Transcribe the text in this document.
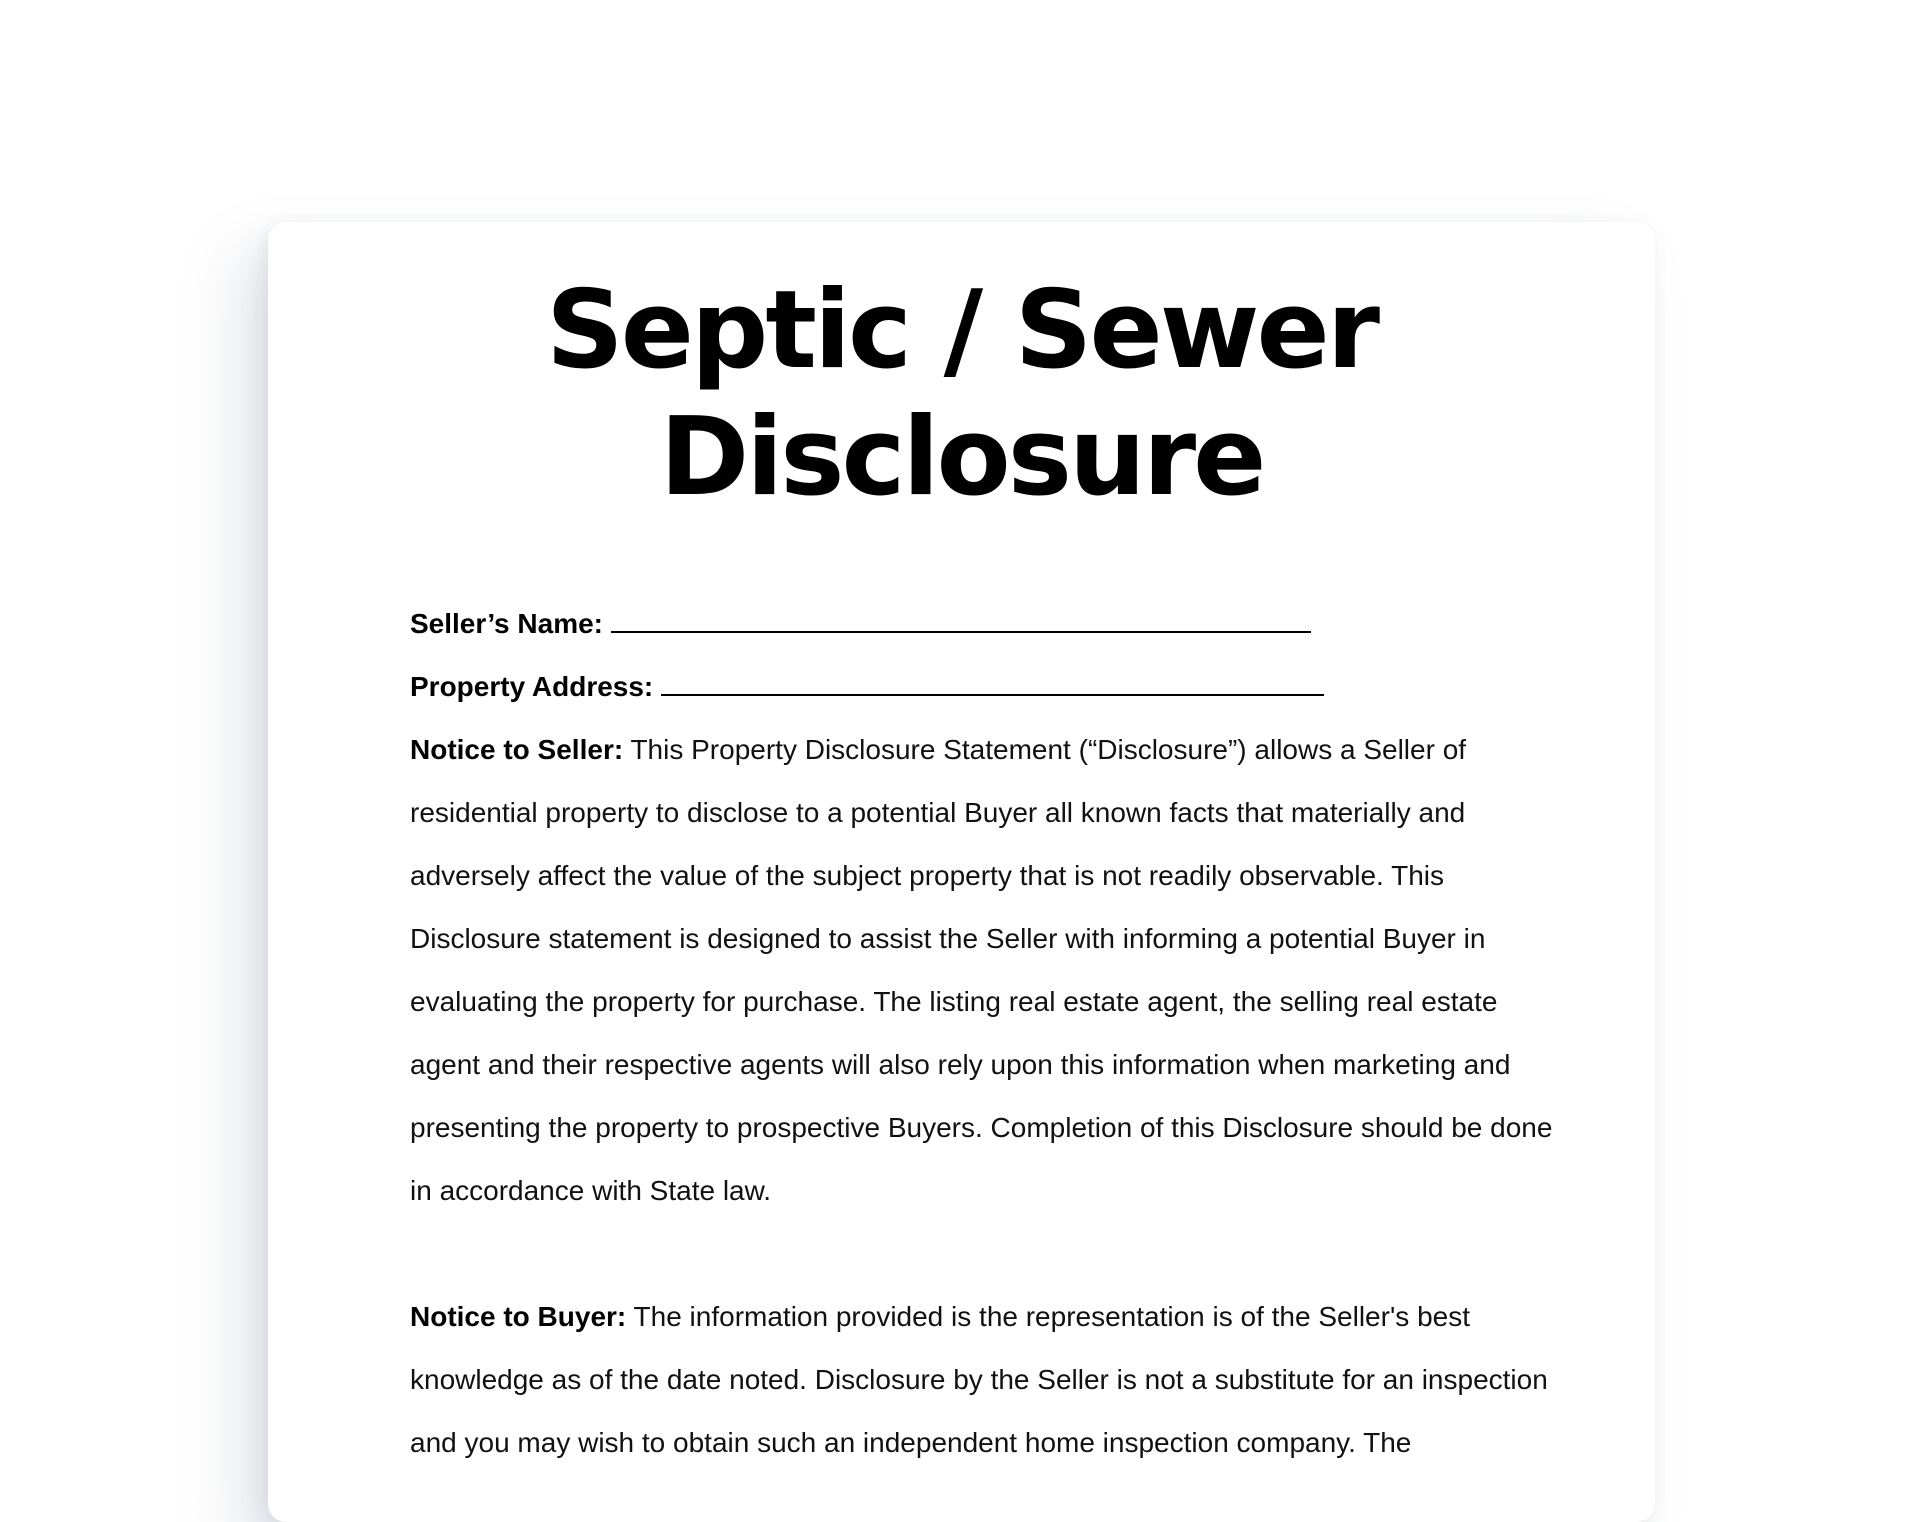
Septic / Sewer
Disclosure

Seller’s Name:

Property Address:

Notice to Seller: This Property Disclosure Statement (“Disclosure”) allows a Seller of residential property to disclose to a potential Buyer all known facts that materially and adversely affect the value of the subject property that is not readily observable. This Disclosure statement is designed to assist the Seller with informing a potential Buyer in evaluating the property for purchase. The listing real estate agent, the selling real estate agent and their respective agents will also rely upon this information when marketing and presenting the property to prospective Buyers. Completion of this Disclosure should be done in accordance with State law.

Notice to Buyer: The information provided is the representation is of the Seller's best knowledge as of the date noted. Disclosure by the Seller is not a substitute for an inspection and you may wish to obtain such an independent home inspection company. The
